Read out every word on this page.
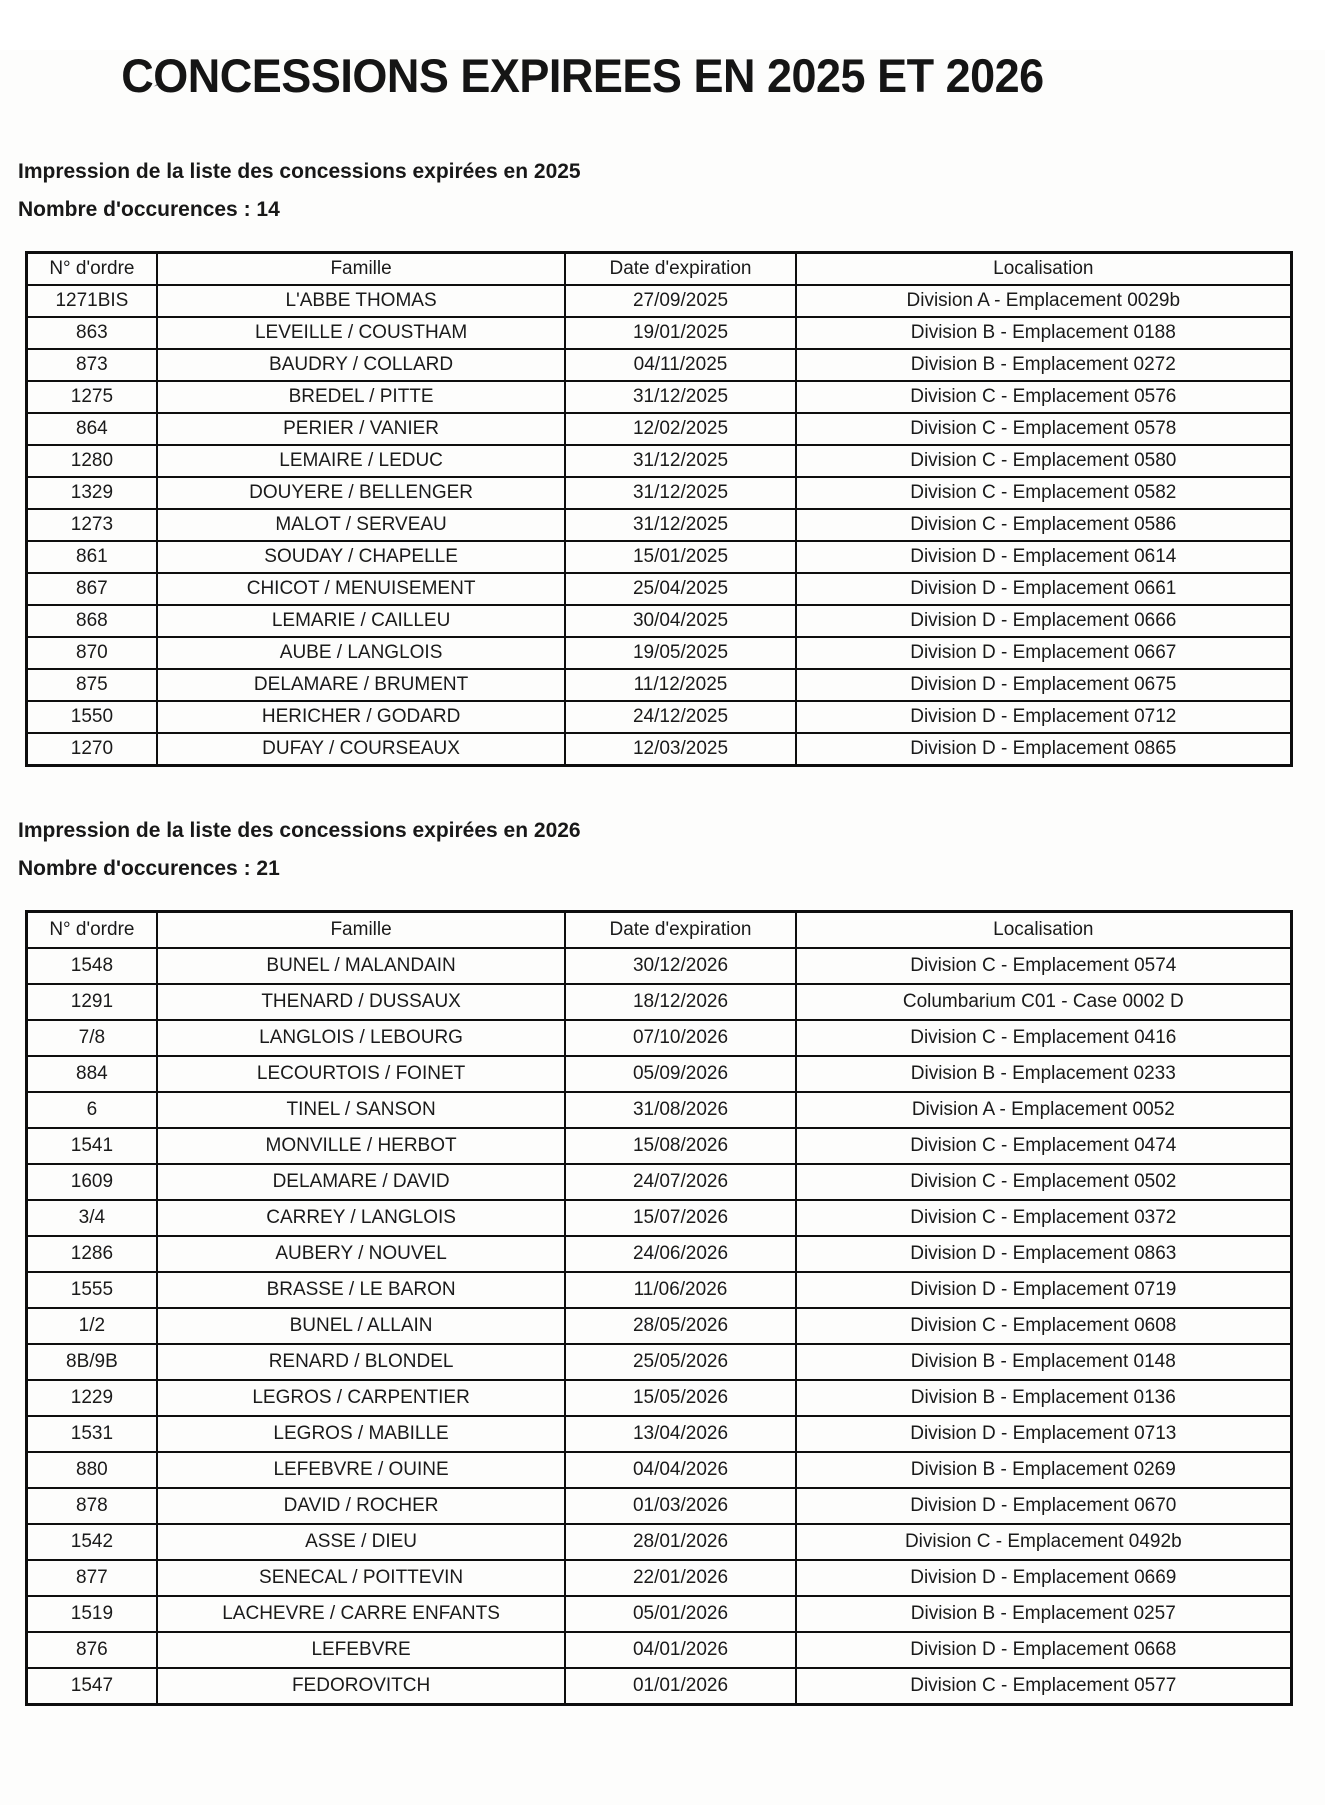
CONCESSIONS EXPIREES EN 2025 ET 2026
Impression de la liste des concessions expirées en 2025
Nombre d'occurences : 14
N° d'ordre	Famille	Date d'expiration	Localisation
1271BIS	L'ABBE THOMAS	27/09/2025	Division A - Emplacement 0029b
863	LEVEILLE / COUSTHAM	19/01/2025	Division B - Emplacement 0188
873	BAUDRY / COLLARD	04/11/2025	Division B - Emplacement 0272
1275	BREDEL / PITTE	31/12/2025	Division C - Emplacement 0576
864	PERIER / VANIER	12/02/2025	Division C - Emplacement 0578
1280	LEMAIRE / LEDUC	31/12/2025	Division C - Emplacement 0580
1329	DOUYERE / BELLENGER	31/12/2025	Division C - Emplacement 0582
1273	MALOT / SERVEAU	31/12/2025	Division C - Emplacement 0586
861	SOUDAY / CHAPELLE	15/01/2025	Division D - Emplacement 0614
867	CHICOT / MENUISEMENT	25/04/2025	Division D - Emplacement 0661
868	LEMARIE / CAILLEU	30/04/2025	Division D - Emplacement 0666
870	AUBE / LANGLOIS	19/05/2025	Division D - Emplacement 0667
875	DELAMARE / BRUMENT	11/12/2025	Division D - Emplacement 0675
1550	HERICHER / GODARD	24/12/2025	Division D - Emplacement 0712
1270	DUFAY / COURSEAUX	12/03/2025	Division D - Emplacement 0865
Impression de la liste des concessions expirées en 2026
Nombre d'occurences : 21
N° d'ordre	Famille	Date d'expiration	Localisation
1548	BUNEL / MALANDAIN	30/12/2026	Division C - Emplacement 0574
1291	THENARD / DUSSAUX	18/12/2026	Columbarium C01 - Case 0002 D
7/8	LANGLOIS / LEBOURG	07/10/2026	Division C - Emplacement 0416
884	LECOURTOIS / FOINET	05/09/2026	Division B - Emplacement 0233
6	TINEL / SANSON	31/08/2026	Division A - Emplacement 0052
1541	MONVILLE / HERBOT	15/08/2026	Division C - Emplacement 0474
1609	DELAMARE / DAVID	24/07/2026	Division C - Emplacement 0502
3/4	CARREY / LANGLOIS	15/07/2026	Division C - Emplacement 0372
1286	AUBERY / NOUVEL	24/06/2026	Division D - Emplacement 0863
1555	BRASSE / LE BARON	11/06/2026	Division D - Emplacement 0719
1/2	BUNEL / ALLAIN	28/05/2026	Division C - Emplacement 0608
8B/9B	RENARD / BLONDEL	25/05/2026	Division B - Emplacement 0148
1229	LEGROS / CARPENTIER	15/05/2026	Division B - Emplacement 0136
1531	LEGROS / MABILLE	13/04/2026	Division D - Emplacement 0713
880	LEFEBVRE / OUINE	04/04/2026	Division B - Emplacement 0269
878	DAVID / ROCHER	01/03/2026	Division D - Emplacement 0670
1542	ASSE / DIEU	28/01/2026	Division C - Emplacement 0492b
877	SENECAL / POITTEVIN	22/01/2026	Division D - Emplacement 0669
1519	LACHEVRE / CARRE ENFANTS	05/01/2026	Division B - Emplacement 0257
876	LEFEBVRE	04/01/2026	Division D - Emplacement 0668
1547	FEDOROVITCH	01/01/2026	Division C - Emplacement 0577
